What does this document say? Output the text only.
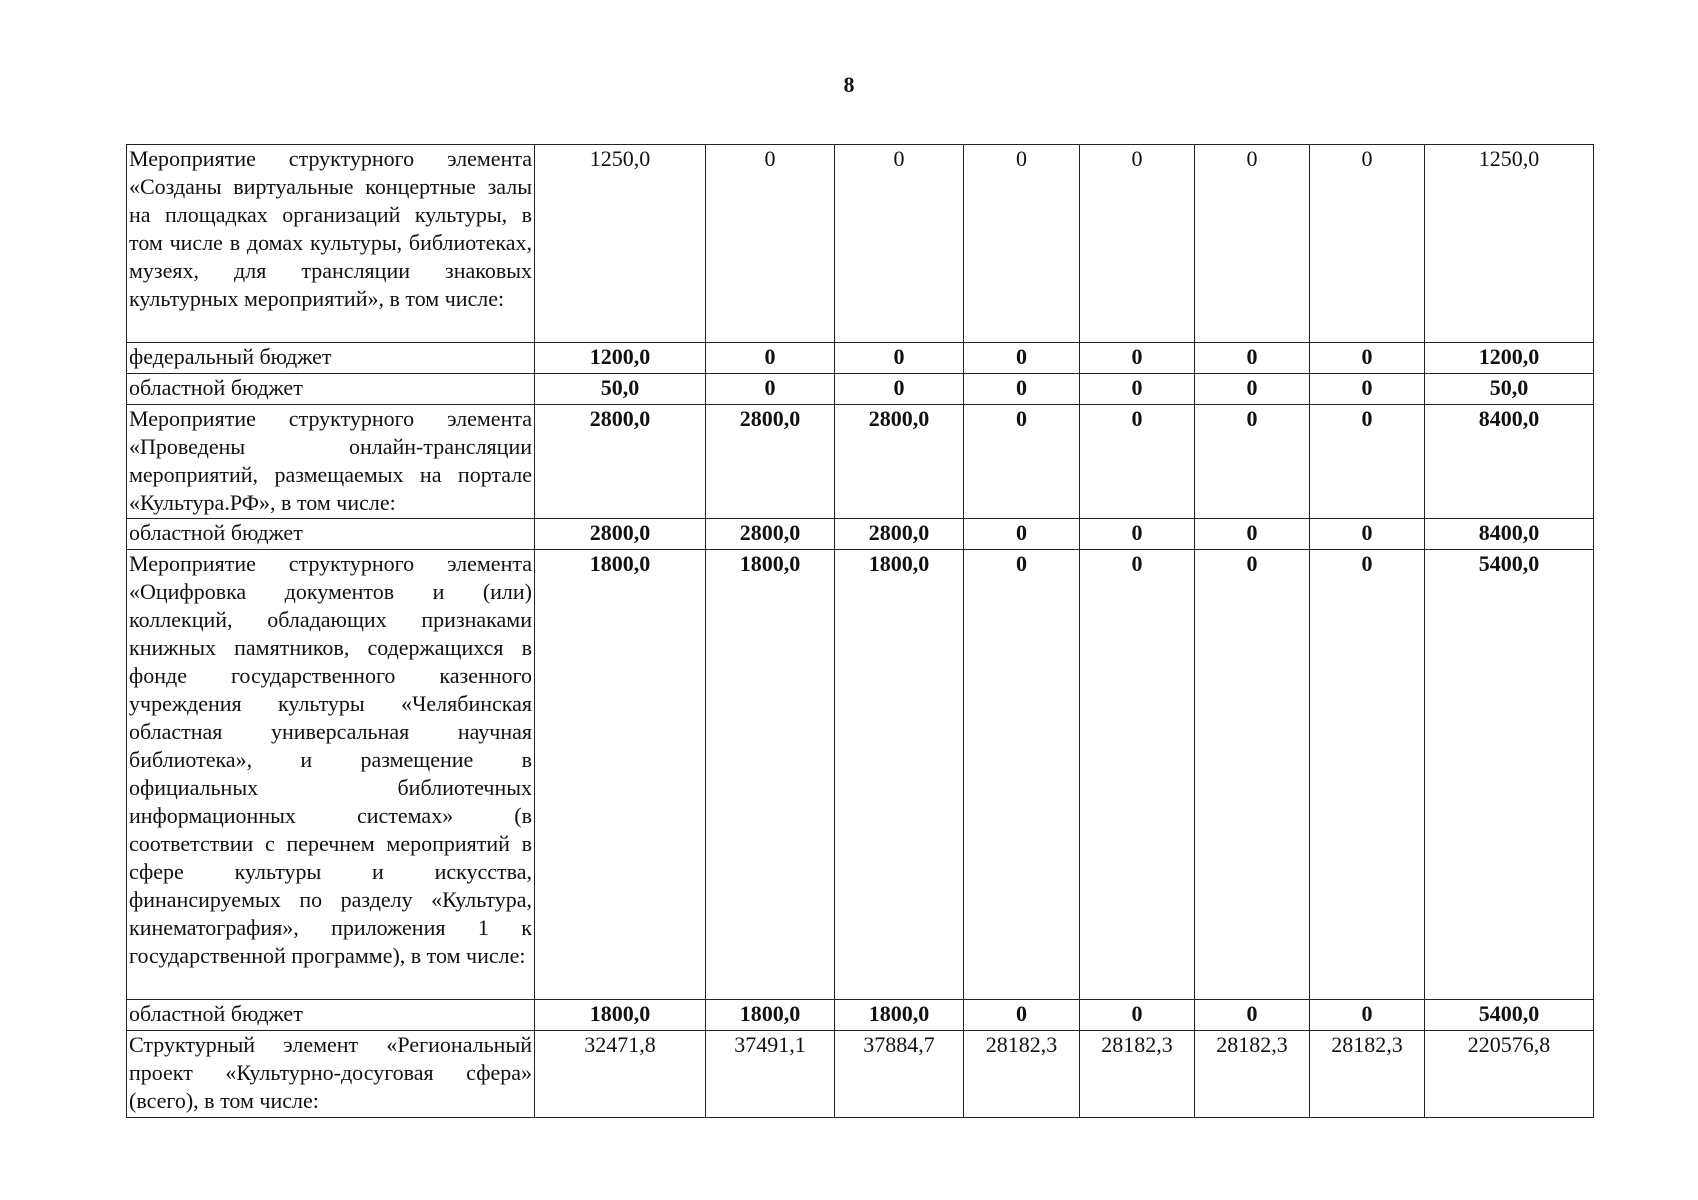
8
Мероприятие структурного элемента «Созданы виртуальные концертные залы на площадках организаций культуры, в том числе в домах культуры, библиотеках, музеях, для трансляции знаковых культурных мероприятий», в том числе:	1250,0	0	0	0	0	0	0	1250,0
федеральный бюджет	1200,0	0	0	0	0	0	0	1200,0
областной бюджет	50,0	0	0	0	0	0	0	50,0
Мероприятие структурного элемента «Проведены онлайн-трансляции мероприятий, размещаемых на портале «Культура.РФ», в том числе:	2800,0	2800,0	2800,0	0	0	0	0	8400,0
областной бюджет	2800,0	2800,0	2800,0	0	0	0	0	8400,0
Мероприятие структурного элемента «Оцифровка документов и (или) коллекций, обладающих признаками книжных памятников, содержащихся в фонде государственного казенного учреждения культуры «Челябинская областная универсальная научная библиотека», и размещение в официальных библиотечных информационных системах» (в соответствии с перечнем мероприятий в сфере культуры и искусства, финансируемых по разделу «Культура, кинематография», приложения 1 к государственной программе), в том числе:	1800,0	1800,0	1800,0	0	0	0	0	5400,0
областной бюджет	1800,0	1800,0	1800,0	0	0	0	0	5400,0
Структурный элемент «Региональный проект «Культурно-досуговая сфера» (всего), в том числе:	32471,8	37491,1	37884,7	28182,3	28182,3	28182,3	28182,3	220576,8
